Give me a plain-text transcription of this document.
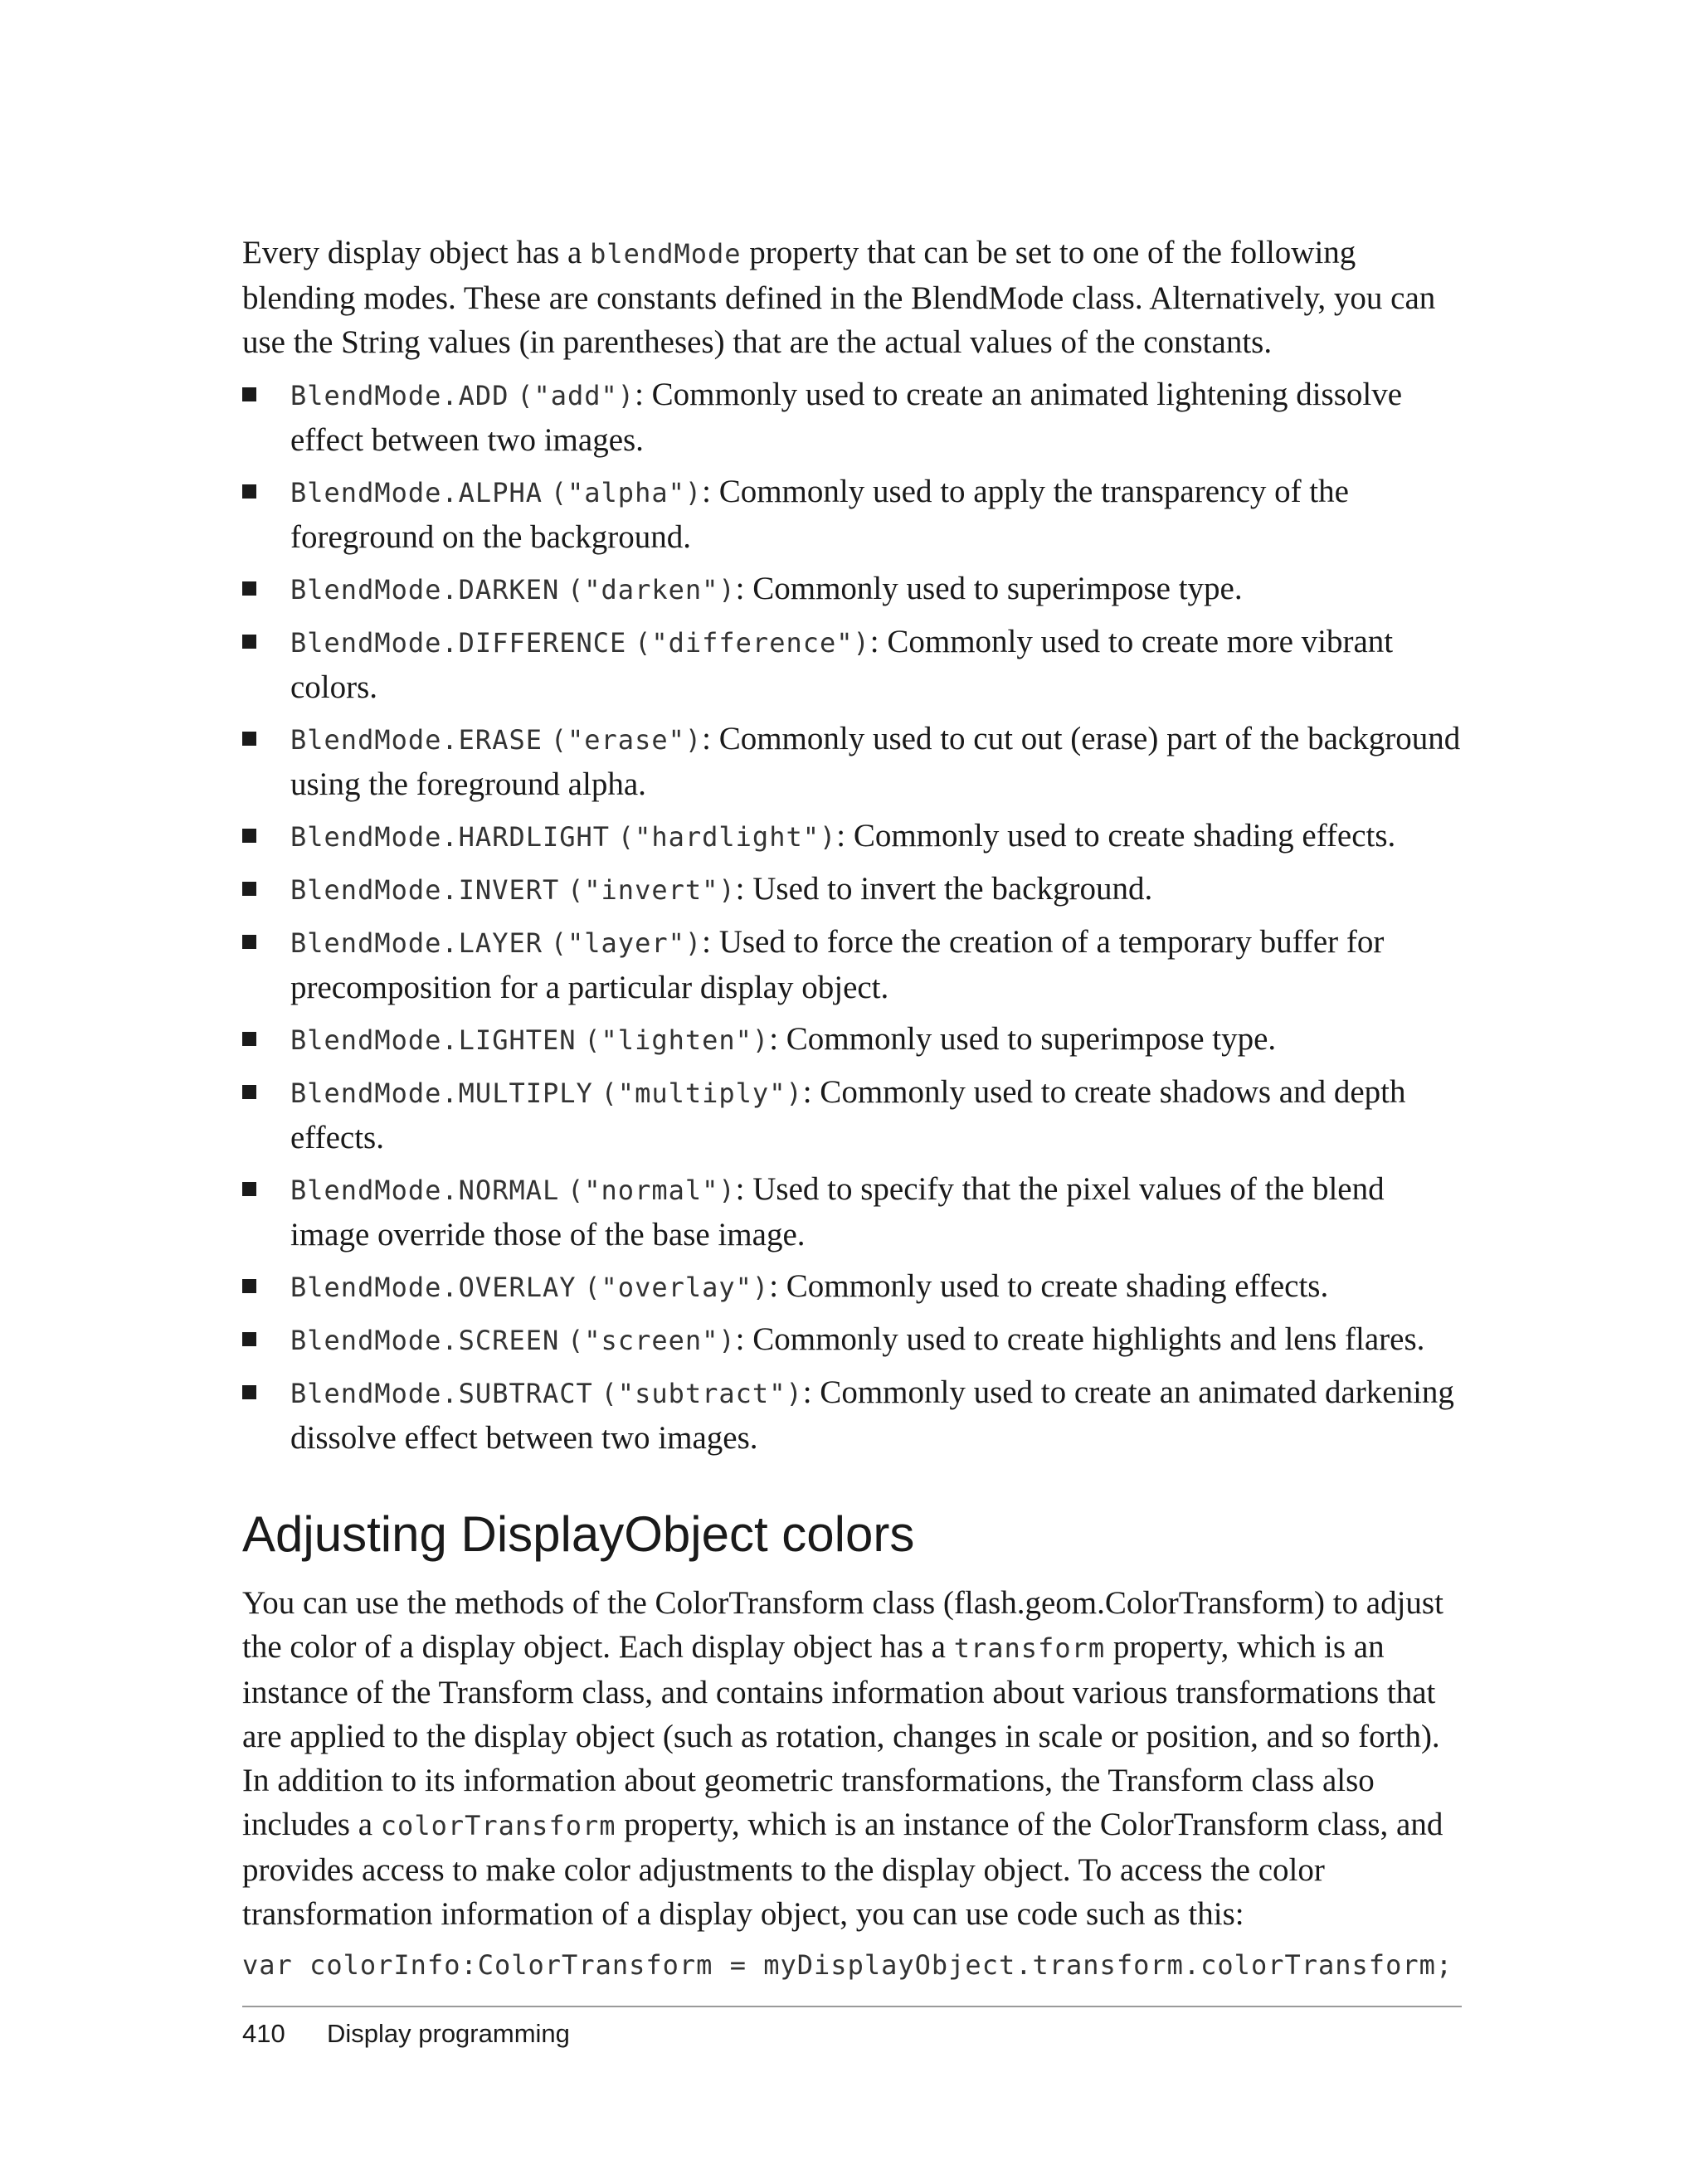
Every display object has a blendMode property that can be set to one of the following blending modes. These are constants defined in the BlendMode class. Alternatively, you can use the String values (in parentheses) that are the actual values of the constants.

BlendMode.ADD ("add"): Commonly used to create an animated lightening dissolve effect between two images.
BlendMode.ALPHA ("alpha"): Commonly used to apply the transparency of the foreground on the background.
BlendMode.DARKEN ("darken"): Commonly used to superimpose type.
BlendMode.DIFFERENCE ("difference"): Commonly used to create more vibrant colors.
BlendMode.ERASE ("erase"): Commonly used to cut out (erase) part of the background using the foreground alpha.
BlendMode.HARDLIGHT ("hardlight"): Commonly used to create shading effects.
BlendMode.INVERT ("invert"): Used to invert the background.
BlendMode.LAYER ("layer"): Used to force the creation of a temporary buffer for precomposition for a particular display object.
BlendMode.LIGHTEN ("lighten"): Commonly used to superimpose type.
BlendMode.MULTIPLY ("multiply"): Commonly used to create shadows and depth effects.
BlendMode.NORMAL ("normal"): Used to specify that the pixel values of the blend image override those of the base image.
BlendMode.OVERLAY ("overlay"): Commonly used to create shading effects.
BlendMode.SCREEN ("screen"): Commonly used to create highlights and lens flares.
BlendMode.SUBTRACT ("subtract"): Commonly used to create an animated darkening dissolve effect between two images.
Adjusting DisplayObject colors

You can use the methods of the ColorTransform class (flash.geom.ColorTransform) to adjust the color of a display object. Each display object has a transform property, which is an instance of the Transform class, and contains information about various transformations that are applied to the display object (such as rotation, changes in scale or position, and so forth). In addition to its information about geometric transformations, the Transform class also includes a colorTransform property, which is an instance of the ColorTransform class, and provides access to make color adjustments to the display object. To access the color transformation information of a display object, you can use code such as this:

var colorInfo:ColorTransform = myDisplayObject.transform.colorTransform;
410 Display programming
